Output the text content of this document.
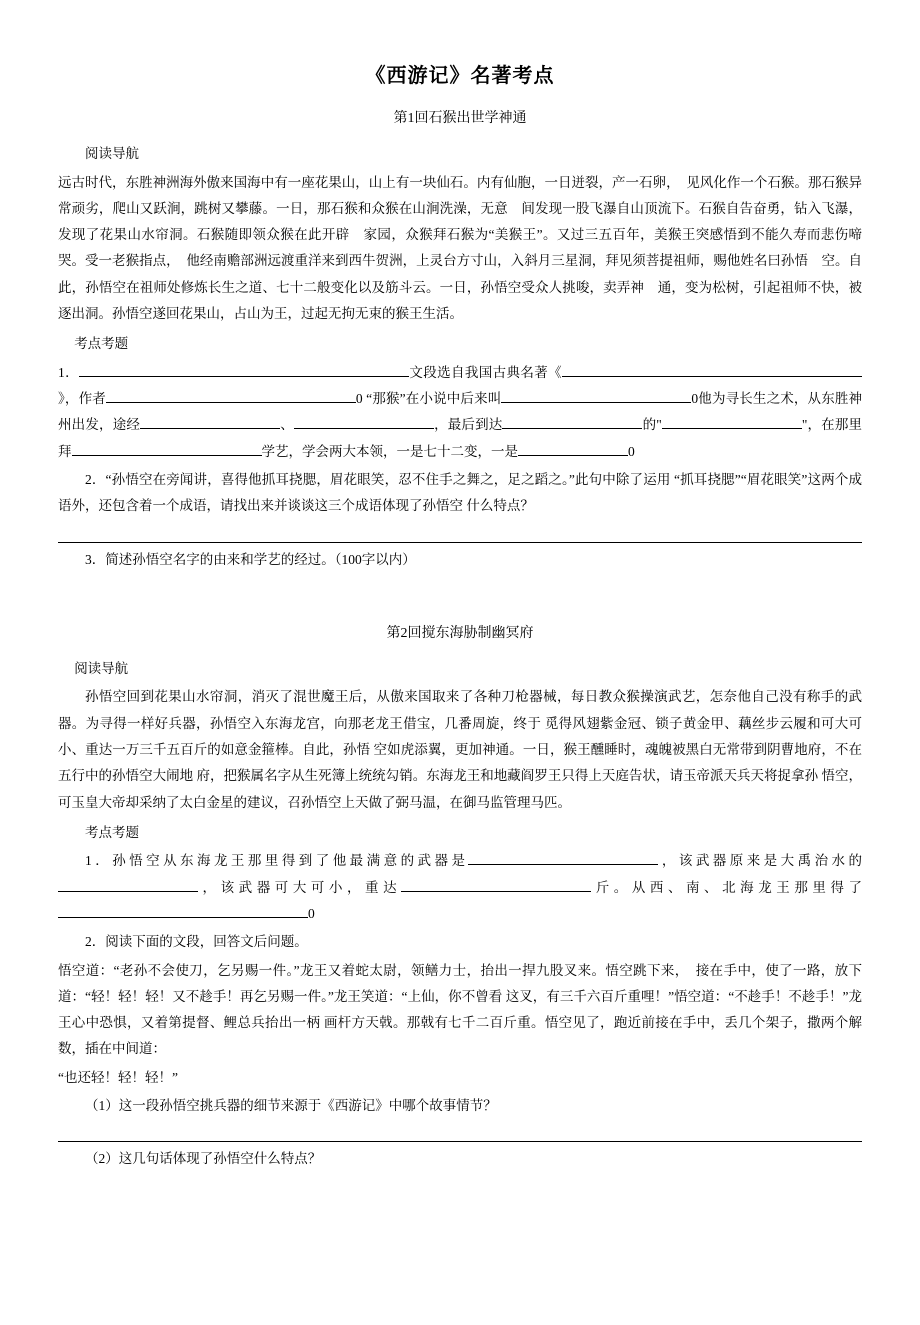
《西游记》名著考点
第1回石猴出世学神通
阅读导航

远古时代，东胜神洲海外傲来国海中有一座花果山，山上有一块仙石。内有仙胞，一日迸裂，产一石卵，　见风化作一个石猴。那石猴异常顽劣，爬山又跃涧，跳树又攀藤。一日，那石猴和众猴在山涧洗澡，无意　间发现一股飞瀑自山顶流下。石猴自告奋勇，钻入飞瀑，发现了花果山水帘洞。石猴随即领众猴在此开辟　家园，众猴拜石猴为“美猴王”。又过三五百年，美猴王突感悟到不能久寿而悲伤啼哭。受一老猴指点，　他经南赡部洲远渡重洋来到西牛贺洲，上灵台方寸山，入斜月三星洞，拜见须菩提祖师，赐他姓名曰孙悟　空。自此，孙悟空在祖师处修炼长生之道、七十二般变化以及筋斗云。一日，孙悟空受众人挑唆，卖弄神　通，变为松树，引起祖师不快，被逐出洞。孙悟空遂回花果山，占山为王，过起无拘无束的猴王生活。

考点考题

1．	文段选自我国古典名著《》，作者	0 “那猴”在小说中后来叫	0他为寻长生之术，从东胜神州出发，途经	、	，最后到达	的"	"，在那里拜	学艺，学会两大本领，一是七十二变，一是	0

2．“孙悟空在旁闻讲，喜得他抓耳挠腮，眉花眼笑，忍不住手之舞之，足之蹈之。”此句中除了运用 “抓耳挠腮”“眉花眼笑”这两个成语外，还包含着一个成语，请找出来并谈谈这三个成语体现了孙悟空 什么特点？

3．简述孙悟空名字的由来和学艺的经过。（100字以内）

第2回搅东海胁制幽冥府
阅读导航

孙悟空回到花果山水帘洞，消灭了混世魔王后，从傲来国取来了各种刀枪器械，每日教众猴操演武艺，怎奈他自己没有称手的武器。为寻得一样好兵器，孙悟空入东海龙宫，向那老龙王借宝，几番周旋，终于 觅得风翅紫金冠、锁子黄金甲、藕丝步云履和可大可小、重达一万三千五百斤的如意金箍棒。自此，孙悟 空如虎添翼，更加神通。一日，猴王醺睡时，魂魄被黑白无常带到阴曹地府，不在五行中的孙悟空大闹地 府，把猴属名字从生死簿上统统勾销。东海龙王和地藏阎罗王只得上天庭告状，请玉帝派天兵天将捉拿孙 悟空，可玉皇大帝却采纳了太白金星的建议，召孙悟空上天做了弼马温，在御马监管理马匹。

考点考题

1．孙悟空从东海龙王那里得到了他最满意的武器是	，该武器原来是大禹治水的，该武器可大可小，重达	斤。从西、南、北海龙王那里得了0

2．阅读下面的文段，回答文后问题。

悟空道：“老孙不会使刀，乞另赐一件。”龙王又着蛇太尉，领鳝力士，抬出一捍九股叉来。悟空跳下来，　接在手中，使了一路，放下道：“轻！轻！轻！又不趁手！再乞另赐一件。”龙王笑道：“上仙，你不曾看 这叉，有三千六百斤重哩！”悟空道：“不趁手！不趁手！”龙王心中恐惧，又着第提督、鲤总兵抬出一柄 画杆方天戟。那戟有七千二百斤重。悟空见了，跑近前接在手中，丢几个架子，撒两个解数，插在中间道：

“也还轻！轻！轻！”

（1）这一段孙悟空挑兵器的细节来源于《西游记》中哪个故事情节？

（2）这几句话体现了孙悟空什么特点？
